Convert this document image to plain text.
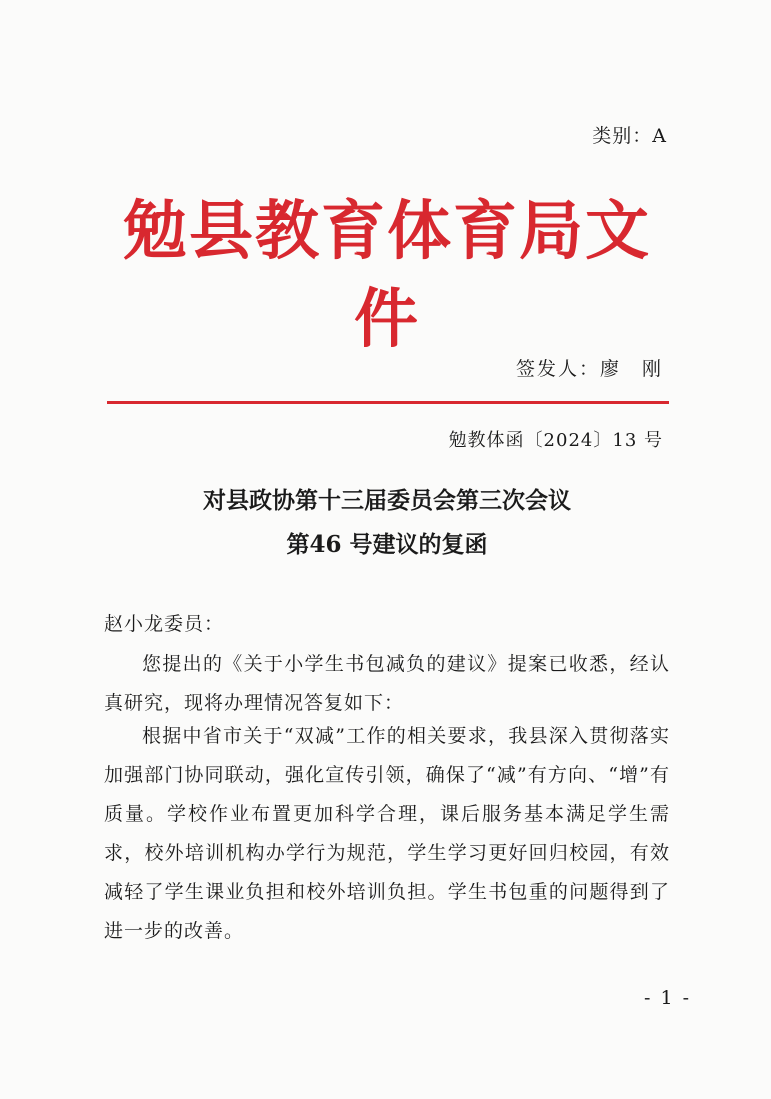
类别：A
勉县教育体育局文件
签发人：廖　刚
勉教体函〔2024〕13 号
对县政协第十三届委员会第三次会议
第46 号建议的复函
赵小龙委员：

您提出的《关于小学生书包减负的建议》提案已收悉，经认真研究，现将办理情况答复如下：

根据中省市关于“双减”工作的相关要求，我县深入贯彻落实加强部门协同联动，强化宣传引领，确保了“减”有方向、“增”有质量。学校作业布置更加科学合理，课后服务基本满足学生需求，校外培训机构办学行为规范，学生学习更好回归校园，有效减轻了学生课业负担和校外培训负担。学生书包重的问题得到了进一步的改善。

- 1 -
